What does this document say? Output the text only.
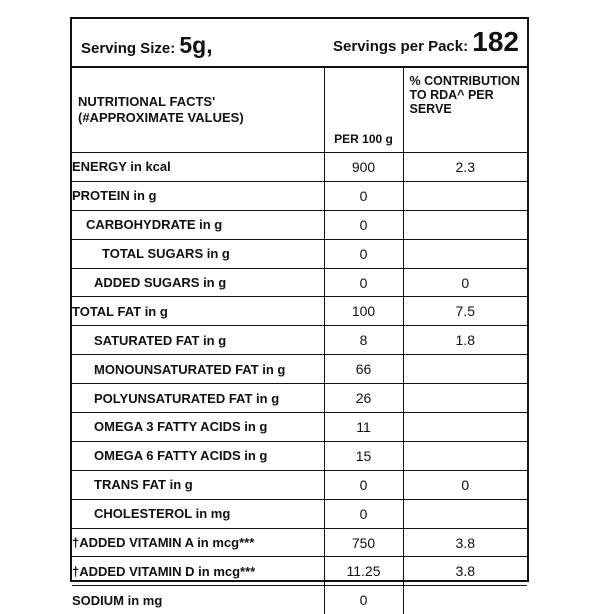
Serving Size: 5g,	Servings per Pack: 182
NUTRITIONAL FACTS'
(#APPROXIMATE VALUES)	PER 100 g	% CONTRIBUTION
TO RDA^ PER
SERVE

ENERGY in kcal	900	2.3
PROTEIN in g	0	
CARBOHYDRATE in g	0	
TOTAL SUGARS in g	0	
ADDED SUGARS in g	0	0
TOTAL FAT in g	100	7.5
SATURATED FAT in g	8	1.8
MONOUNSATURATED FAT in g	66	
POLYUNSATURATED FAT in g	26	
OMEGA 3 FATTY ACIDS in g	11	
OMEGA 6 FATTY ACIDS in g	15	
TRANS FAT in g	0	0
CHOLESTEROL in mg	0	
†ADDED VITAMIN A in mcg***	750	3.8
†ADDED VITAMIN D in mcg***	11.25	3.8
SODIUM in mg	0	
